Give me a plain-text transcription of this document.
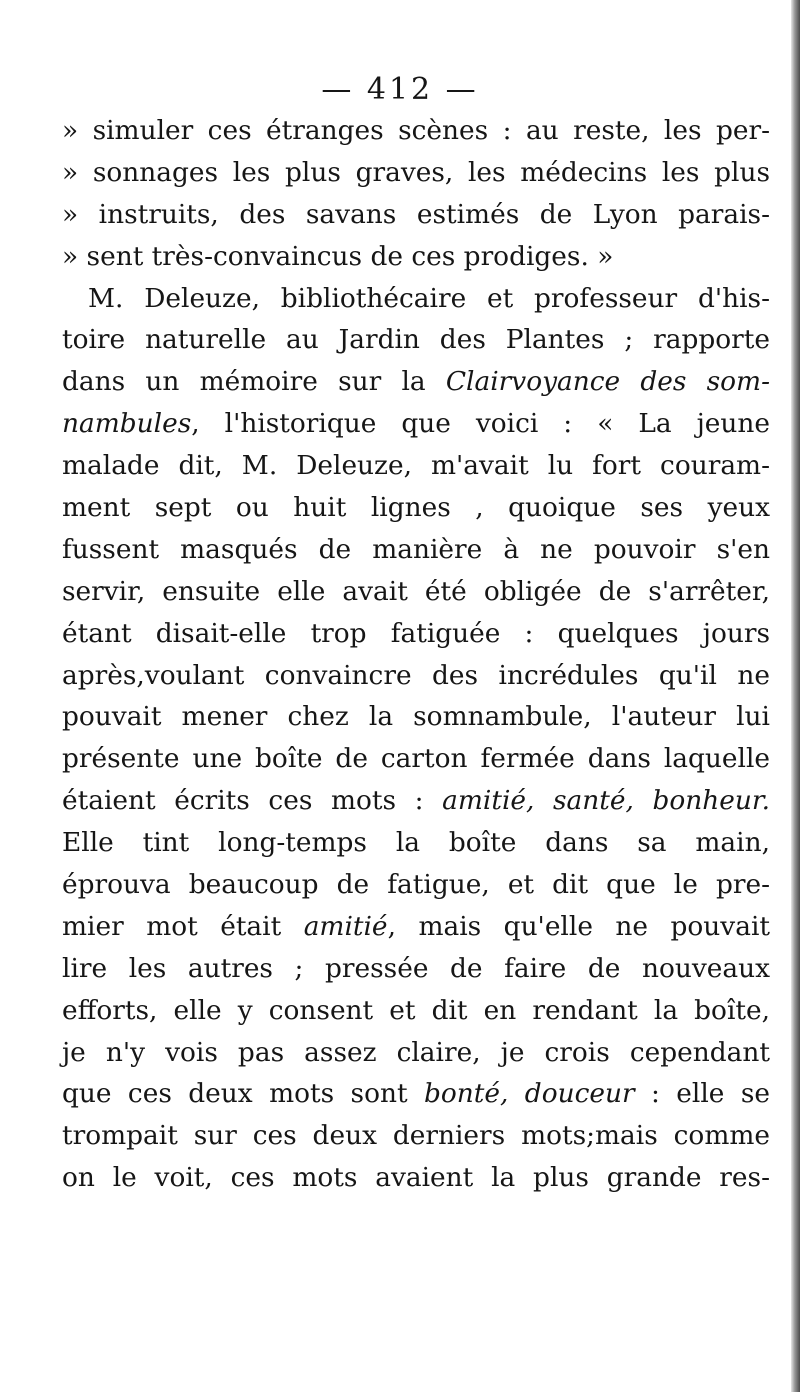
— 412 —
» simuler ces étranges scènes : au reste, les per-
» sonnages les plus graves, les médecins les plus
» instruits, des savans estimés de Lyon parais-
» sent très-convaincus de ces prodiges. »
M. Deleuze, bibliothécaire et professeur d'his-
toire naturelle au Jardin des Plantes ; rapporte
dans un mémoire sur la Clairvoyance des som-
nambules, l'historique que voici : « La jeune
malade dit, M. Deleuze, m'avait lu fort couram-
ment sept ou huit lignes , quoique ses yeux
fussent masqués de manière à ne pouvoir s'en
servir, ensuite elle avait été obligée de s'arrêter,
étant disait-elle trop fatiguée : quelques jours
après,voulant convaincre des incrédules qu'il ne
pouvait mener chez la somnambule, l'auteur lui
présente une boîte de carton fermée dans laquelle
étaient écrits ces mots : amitié, santé, bonheur.
Elle tint long-temps la boîte dans sa main,
éprouva beaucoup de fatigue, et dit que le pre-
mier mot était amitié, mais qu'elle ne pouvait
lire les autres ; pressée de faire de nouveaux
efforts, elle y consent et dit en rendant la boîte,
je n'y vois pas assez claire, je crois cependant
que ces deux mots sont bonté, douceur : elle se
trompait sur ces deux derniers mots;mais comme
on le voit, ces mots avaient la plus grande res-
